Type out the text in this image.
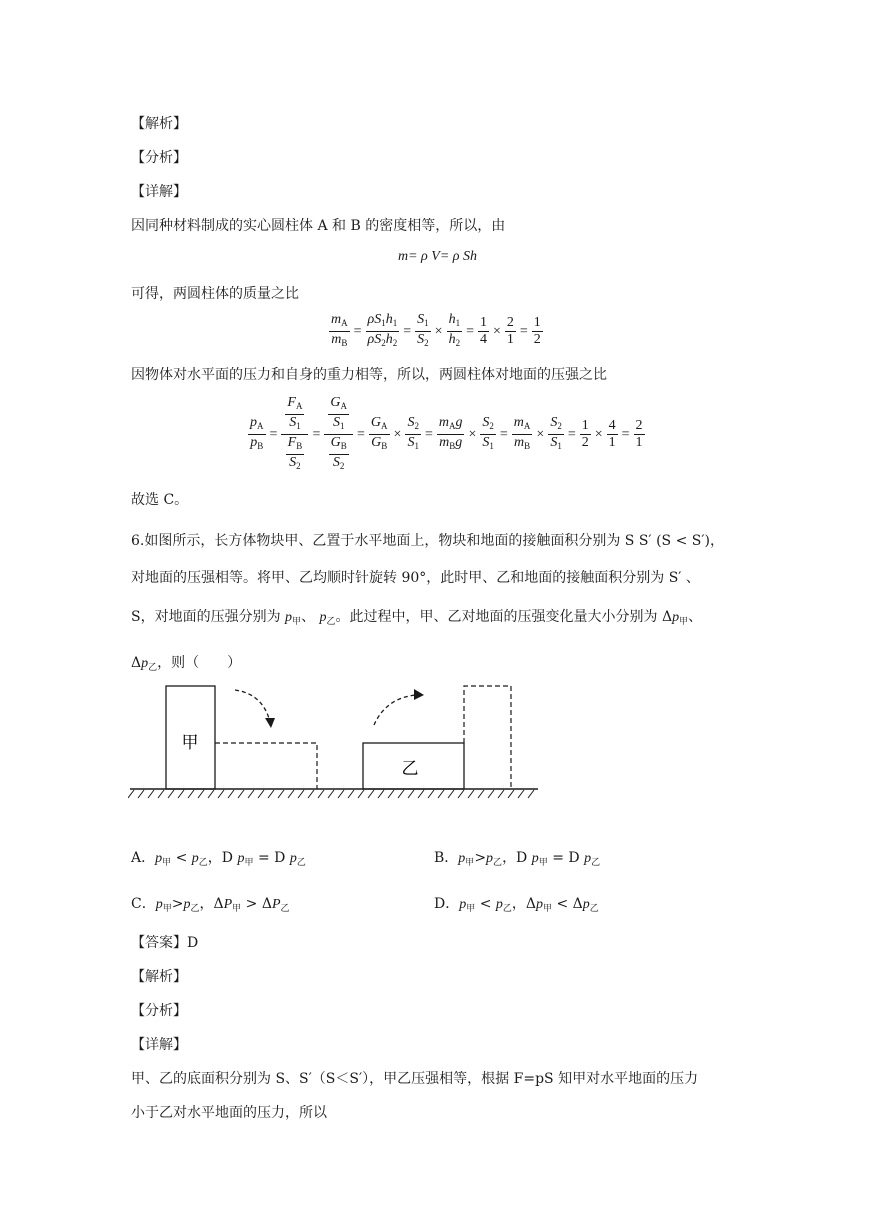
【解析】
【分析】
【详解】
因同种材料制成的实心圆柱体 A 和 B 的密度相等，所以，由
m= ρ V= ρ Sh
可得，两圆柱体的质量之比
$\frac{m_A}{m_B} = \frac{\rho S_1h_1}{\rho S_2h_2} = \frac{S_1}{S_2} \times \frac{h_1}{h_2} = \frac{1}{4} \times \frac{2}{1} = \frac{1}{2}$
因物体对水平面的压力和自身的重力相等，所以，两圆柱体对地面的压强之比
$\frac{p_A}{p_B} = \frac{\frac{F_A}{S_1}}{\frac{F_B}{S_2}} = \frac{\frac{G_A}{S_1}}{\frac{G_B}{S_2}} = \frac{G_A}{G_B} \times \frac{S_2}{S_1} = \frac{m_Ag}{m_Bg} \times \frac{S_2}{S_1} = \frac{m_A}{m_B} \times \frac{S_2}{S_1} = \frac{1}{2} \times \frac{4}{1} = \frac{2}{1}$
故选 C。
6.如图所示，长方体物块甲、乙置于水平地面上，物块和地面的接触面积分别为 S S′ (S < S′)，
对地面的压强相等。将甲、乙均顺时针旋转 90°，此时甲、乙和地面的接触面积分别为 S′ 、
S，对地面的压强分别为 $p_甲$、 $p_乙$。此过程中，甲、乙对地面的压强变化量大小分别为 $\Delta p_甲$、
$\Delta p_乙$，则（　　）
甲
乙
A．$p_甲 < p_乙$，D $p_甲 = D$ $p_乙$	B．$p_甲>p_乙$，D $p_甲 = D$ $p_乙$
C．$p_甲>p_乙$，$\Delta P_甲 > \Delta P_乙$	D．$p_甲 < p_乙$，$\Delta p_甲 < \Delta p_乙$
【答案】D
【解析】
【分析】
【详解】
甲、乙的底面积分别为 S、S′（S＜S′），甲乙压强相等，根据 F=pS 知甲对水平地面的压力
小于乙对水平地面的压力，所以
